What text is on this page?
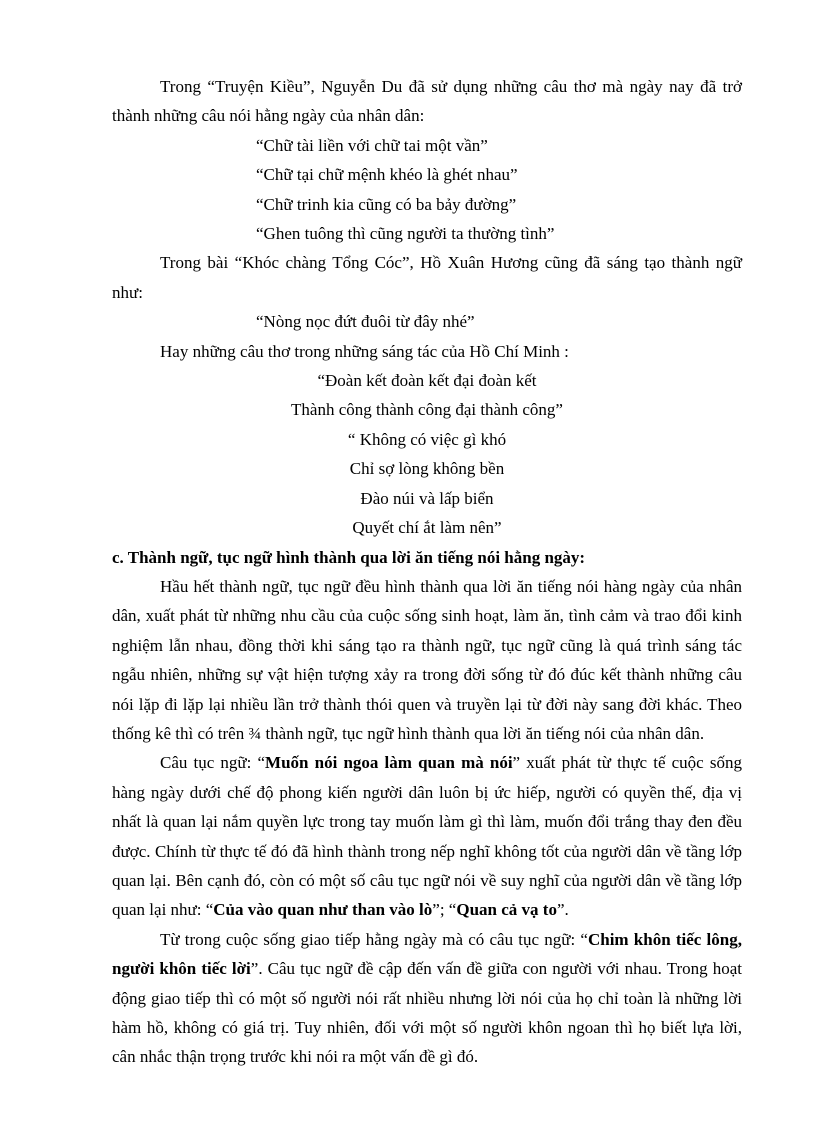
Trong “Truyện Kiều”, Nguyễn Du đã sử dụng những câu thơ mà ngày nay đã trở thành những câu nói hằng ngày của nhân dân:

“Chữ tài liền với chữ tai một vần”

“Chữ tại chữ mệnh khéo là ghét nhau”

“Chữ trinh kia cũng có ba bảy đường”

“Ghen tuông thì cũng người ta thường tình”

Trong bài “Khóc chàng Tổng Cóc”, Hồ Xuân Hương cũng đã sáng tạo thành ngữ như:

“Nòng nọc đứt đuôi từ đây nhé”

Hay những câu thơ trong những sáng tác của Hồ Chí Minh :

“Đoàn kết đoàn kết đại đoàn kết

Thành công thành công đại thành công”

“ Không có việc gì khó

Chỉ sợ lòng không bền

Đào núi và lấp biển

Quyết chí ắt làm nên”

c. Thành ngữ, tục ngữ hình thành qua lời ăn tiếng nói hằng ngày:

Hầu hết thành ngữ, tục ngữ đều hình thành qua lời ăn tiếng nói hàng ngày của nhân dân, xuất phát từ những nhu cầu của cuộc sống sinh hoạt, làm ăn, tình cảm và trao đổi kinh nghiệm lẫn nhau, đồng thời khi sáng tạo ra thành ngữ, tục ngữ cũng là quá trình sáng tác ngẫu nhiên, những sự vật hiện tượng xảy ra trong đời sống từ đó đúc kết thành những câu nói lặp đi lặp lại nhiều lần trở thành thói quen và truyền lại từ đời này sang đời khác. Theo thống kê thì có trên ¾ thành ngữ, tục ngữ hình thành qua lời ăn tiếng nói của nhân dân.

Câu tục ngữ: “Muốn nói ngoa làm quan mà nói” xuất phát từ thực tế cuộc sống hàng ngày dưới chế độ phong kiến người dân luôn bị ức hiếp, người có quyền thế, địa vị nhất là quan lại nắm quyền lực trong tay muốn làm gì thì làm, muốn đổi trắng thay đen đều được. Chính từ thực tế đó đã hình thành trong nếp nghĩ không tốt của người dân về tầng lớp quan lại. Bên cạnh đó, còn có một số câu tục ngữ nói về suy nghĩ của người dân về tầng lớp quan lại như: “Của vào quan như than vào lò”; “Quan cả vạ to”.

Từ trong cuộc sống giao tiếp hằng ngày mà có câu tục ngữ: “Chim khôn tiếc lông, người khôn tiếc lời”. Câu tục ngữ đề cập đến vấn đề giữa con người với nhau. Trong hoạt động giao tiếp thì có một số người nói rất nhiều nhưng lời nói của họ chỉ toàn là những lời hàm hồ, không có giá trị. Tuy nhiên, đối với một số người khôn ngoan thì họ biết lựa lời, cân nhắc thận trọng trước khi nói ra một vấn đề gì đó.
